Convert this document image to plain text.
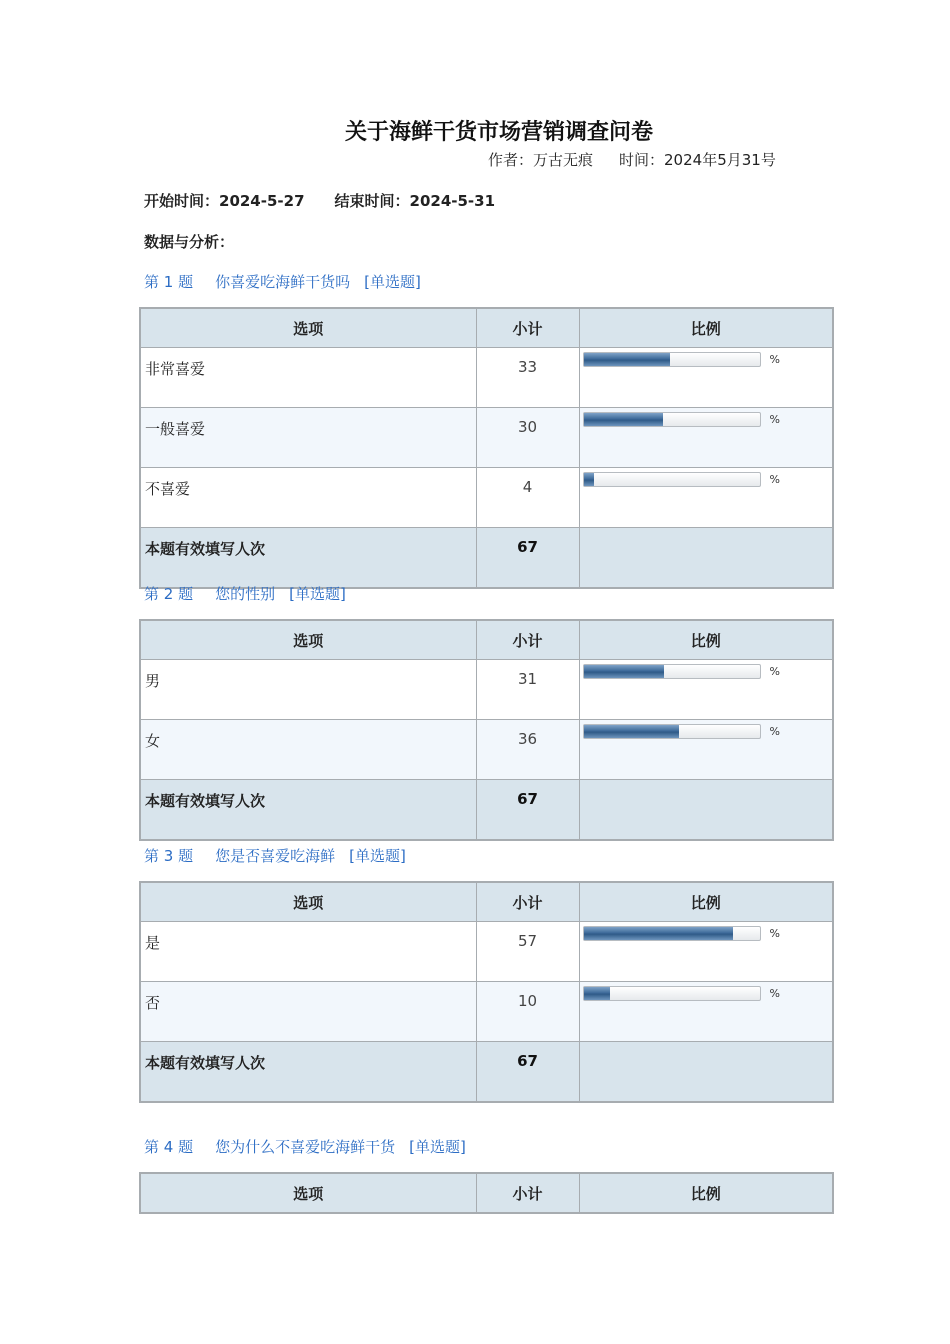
关于海鲜干货市场营销调查问卷
作者：万古无痕 时间：2024年5月31号
开始时间：2024-5-27 结束时间：2024-5-31
数据与分析：
第 1 题 你喜爱吃海鲜干货吗 [单选题]
选项	小计	比例
非常喜爱	33	%

一般喜爱	30	%

不喜爱	4	%

本题有效填写人次	67	
第 2 题 您的性别 [单选题]
选项	小计	比例
男	31	%

女	36	%

本题有效填写人次	67	
第 3 题 您是否喜爱吃海鲜 [单选题]
选项	小计	比例
是	57	%

否	10	%

本题有效填写人次	67	
第 4 题 您为什么不喜爱吃海鲜干货 [单选题]
选项	小计	比例
